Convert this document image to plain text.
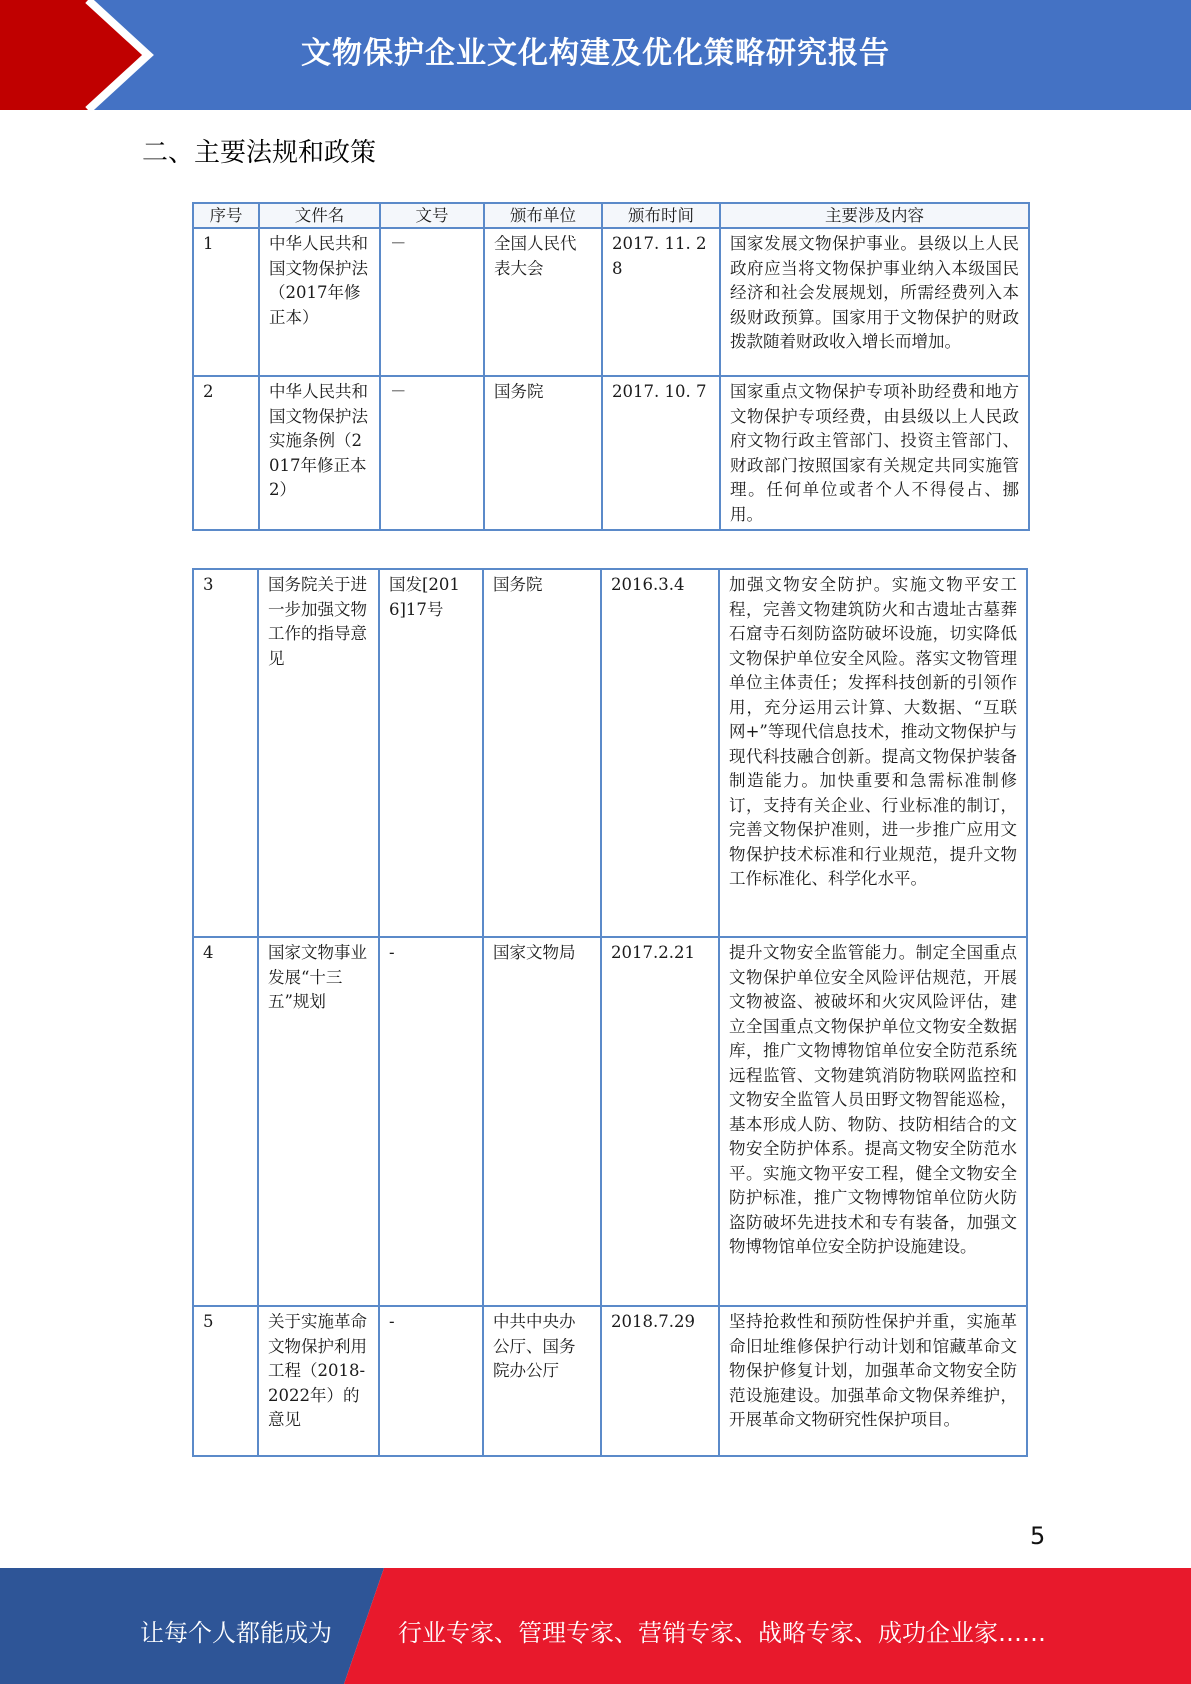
文物保护企业文化构建及优化策略研究报告
二、主要法规和政策
序号	文件名	文号	颁布单位	颁布时间	主要涉及内容
1	中华人民共和国文物保护法（2017年修正本）	－	全国人民代表大会	2017. 11. 28	国家发展文物保护事业。县级以上人民政府应当将文物保护事业纳入本级国民经济和社会发展规划，所需经费列入本级财政预算。国家用于文物保护的财政拨款随着财政收入增长而增加。
2	中华人民共和国文物保护法实施条例（2017年修正本2）	－	国务院	2017. 10. 7	国家重点文物保护专项补助经费和地方文物保护专项经费，由县级以上人民政府文物行政主管部门、投资主管部门、财政部门按照国家有关规定共同实施管理。任何单位或者个人不得侵占、挪用。
3	国务院关于进一步加强文物工作的指导意见	国发[2016]17号	国务院	2016.3.4	加强文物安全防护。实施文物平安工程，完善文物建筑防火和古遗址古墓葬石窟寺石刻防盗防破坏设施，切实降低文物保护单位安全风险。落实文物管理单位主体责任；发挥科技创新的引领作用，充分运用云计算、大数据、“互联网+”等现代信息技术，推动文物保护与现代科技融合创新。提高文物保护装备制造能力。加快重要和急需标准制修订，支持有关企业、行业标准的制订，完善文物保护准则，进一步推广应用文物保护技术标准和行业规范，提升文物工作标准化、科学化水平。
4	国家文物事业发展“十三五”规划	-	国家文物局	2017.2.21	提升文物安全监管能力。制定全国重点文物保护单位安全风险评估规范，开展文物被盗、被破坏和火灾风险评估，建立全国重点文物保护单位文物安全数据库，推广文物博物馆单位安全防范系统远程监管、文物建筑消防物联网监控和文物安全监管人员田野文物智能巡检，基本形成人防、物防、技防相结合的文物安全防护体系。提高文物安全防范水平。实施文物平安工程，健全文物安全防护标准，推广文物博物馆单位防火防盗防破坏先进技术和专有装备，加强文物博物馆单位安全防护设施建设。
5	关于实施革命文物保护利用工程（2018-2022年）的意见	-	中共中央办公厅、国务院办公厅	2018.7.29	坚持抢救性和预防性保护并重，实施革命旧址维修保护行动计划和馆藏革命文物保护修复计划，加强革命文物安全防范设施建设。加强革命文物保养维护，开展革命文物研究性保护项目。
5
让每个人都能成为	行业专家、管理专家、营销专家、战略专家、成功企业家……
